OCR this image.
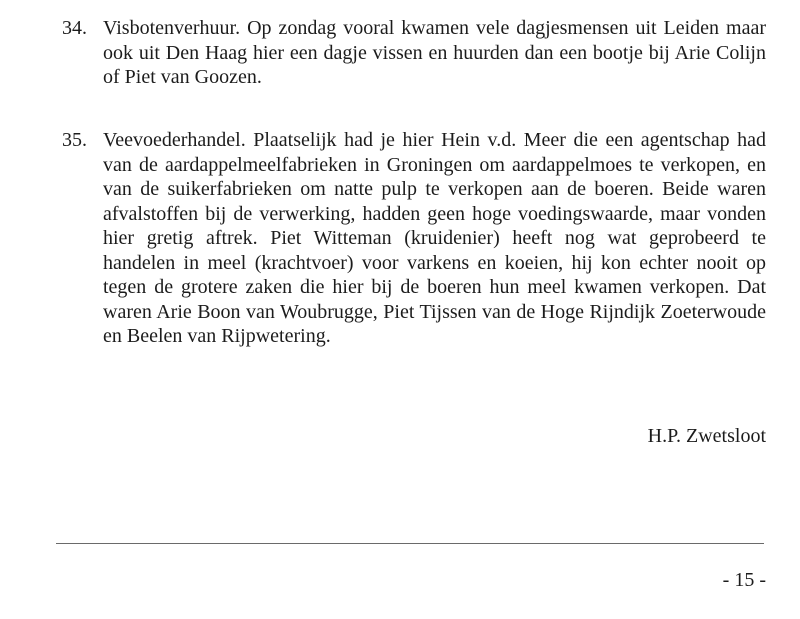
34. Visbotenverhuur. Op zondag vooral kwamen vele dagjesmensen uit Leiden maar ook uit Den Haag hier een dagje vissen en huurden dan een bootje bij Arie Colijn of Piet van Goozen.
35. Veevoederhandel. Plaatselijk had je hier Hein v.d. Meer die een agentschap had van de aardappelmeelfabrieken in Groningen om aardappelmoes te verkopen, en van de suikerfabrieken om natte pulp te verkopen aan de boeren. Beide waren afvalstoffen bij de verwerking, hadden geen hoge voedingswaarde, maar vonden hier gretig aftrek. Piet Witteman (kruidenier) heeft nog wat geprobeerd te handelen in meel (krachtvoer) voor varkens en koeien, hij kon echter nooit op tegen de grotere zaken die hier bij de boeren hun meel kwamen verkopen. Dat waren Arie Boon van Woubrugge, Piet Tijssen van de Hoge Rijndijk Zoeterwoude en Beelen van Rijpwetering.
H.P. Zwetsloot
- 15 -
